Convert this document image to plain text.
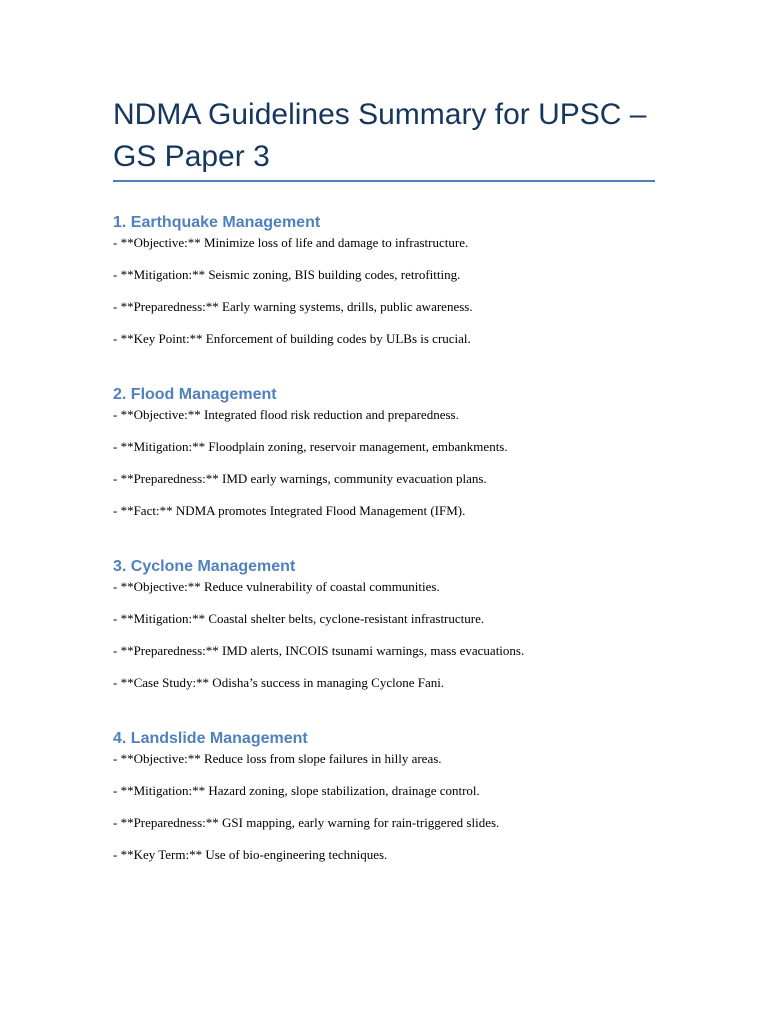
NDMA Guidelines Summary for UPSC – GS Paper 3
1. Earthquake Management

- **Objective:** Minimize loss of life and damage to infrastructure.

- **Mitigation:** Seismic zoning, BIS building codes, retrofitting.

- **Preparedness:** Early warning systems, drills, public awareness.

- **Key Point:** Enforcement of building codes by ULBs is crucial.

2. Flood Management

- **Objective:** Integrated flood risk reduction and preparedness.

- **Mitigation:** Floodplain zoning, reservoir management, embankments.

- **Preparedness:** IMD early warnings, community evacuation plans.

- **Fact:** NDMA promotes Integrated Flood Management (IFM).

3. Cyclone Management

- **Objective:** Reduce vulnerability of coastal communities.

- **Mitigation:** Coastal shelter belts, cyclone-resistant infrastructure.

- **Preparedness:** IMD alerts, INCOIS tsunami warnings, mass evacuations.

- **Case Study:** Odisha’s success in managing Cyclone Fani.

4. Landslide Management

- **Objective:** Reduce loss from slope failures in hilly areas.

- **Mitigation:** Hazard zoning, slope stabilization, drainage control.

- **Preparedness:** GSI mapping, early warning for rain-triggered slides.

- **Key Term:** Use of bio-engineering techniques.
